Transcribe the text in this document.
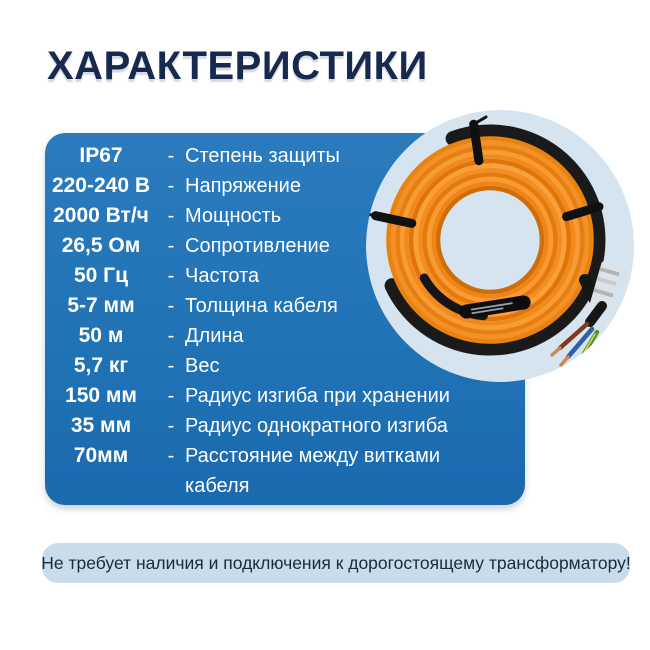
ХАРАКТЕРИСТИКИ
IP67	- Степень защиты
220-240 В - Напряжение
2000 Вт/ч - Мощность
26,5 Ом	- Сопротивление
50 Гц	- Частота
5-7 мм	- Толщина кабеля
50 м	- Длина
5,7 кг	- Вес
150 мм	- Радиус изгиба при хранении
35 мм	- Радиус однократного изгиба
70мм	- Расстояние между витками кабеля
Не требует наличия и подключения к дорогостоящему трансформатору!
